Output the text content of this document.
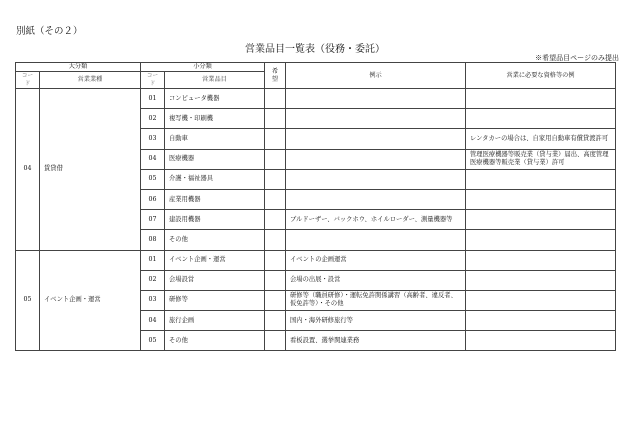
別紙（その２）
営業品目一覧表（役務・委託）
※希望品目ページのみ提出
大分類		小分類		希望	例示	営業に必要な資格等の例
コード	営業業種	コード	営業品目			
04	賃貸借	01	コンピュータ機器			
		02	複写機・印刷機			
		03	自動車			レンタカーの場合は、自家用自動車有償貸渡許可
		04	医療機器			管理医療機器等販売業（貸与業）届出、高度管理医療機器等販売業（貸与業）許可
		05	介護・福祉器具			
		06	産業用機器			
		07	建設用機器		ブルドーザー、バックホウ、ホイルローダー、測量機器等	
		08	その他			
05	イベント企画・運営	01	イベント企画・運営		イベントの企画運営	
		02	会場設営		会場の出展・設営	
		03	研修等		研修等（職員研修）・運転免許関係講習（高齢者、違反者、仮免許等）・その他	
		04	旅行企画		国内・海外研修旅行等	
		05	その他		看板設置、選挙関連業務	
